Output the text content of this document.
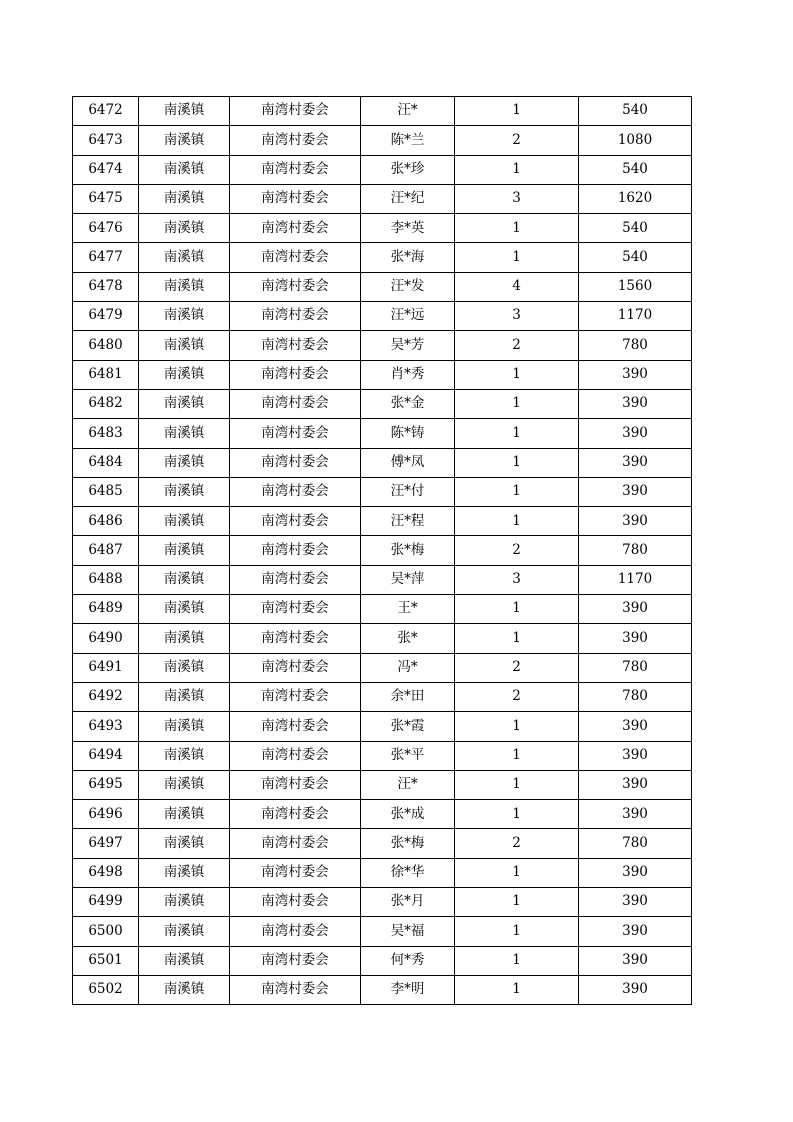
6472	南溪镇	南湾村委会	汪*	1	540
6473	南溪镇	南湾村委会	陈*兰	2	1080
6474	南溪镇	南湾村委会	张*珍	1	540
6475	南溪镇	南湾村委会	汪*纪	3	1620
6476	南溪镇	南湾村委会	李*英	1	540
6477	南溪镇	南湾村委会	张*海	1	540
6478	南溪镇	南湾村委会	汪*发	4	1560
6479	南溪镇	南湾村委会	汪*远	3	1170
6480	南溪镇	南湾村委会	吴*芳	2	780
6481	南溪镇	南湾村委会	肖*秀	1	390
6482	南溪镇	南湾村委会	张*金	1	390
6483	南溪镇	南湾村委会	陈*铸	1	390
6484	南溪镇	南湾村委会	傅*凤	1	390
6485	南溪镇	南湾村委会	汪*付	1	390
6486	南溪镇	南湾村委会	汪*程	1	390
6487	南溪镇	南湾村委会	张*梅	2	780
6488	南溪镇	南湾村委会	吴*萍	3	1170
6489	南溪镇	南湾村委会	王*	1	390
6490	南溪镇	南湾村委会	张*	1	390
6491	南溪镇	南湾村委会	冯*	2	780
6492	南溪镇	南湾村委会	余*田	2	780
6493	南溪镇	南湾村委会	张*霞	1	390
6494	南溪镇	南湾村委会	张*平	1	390
6495	南溪镇	南湾村委会	汪*	1	390
6496	南溪镇	南湾村委会	张*成	1	390
6497	南溪镇	南湾村委会	张*梅	2	780
6498	南溪镇	南湾村委会	徐*华	1	390
6499	南溪镇	南湾村委会	张*月	1	390
6500	南溪镇	南湾村委会	吴*福	1	390
6501	南溪镇	南湾村委会	何*秀	1	390
6502	南溪镇	南湾村委会	李*明	1	390
